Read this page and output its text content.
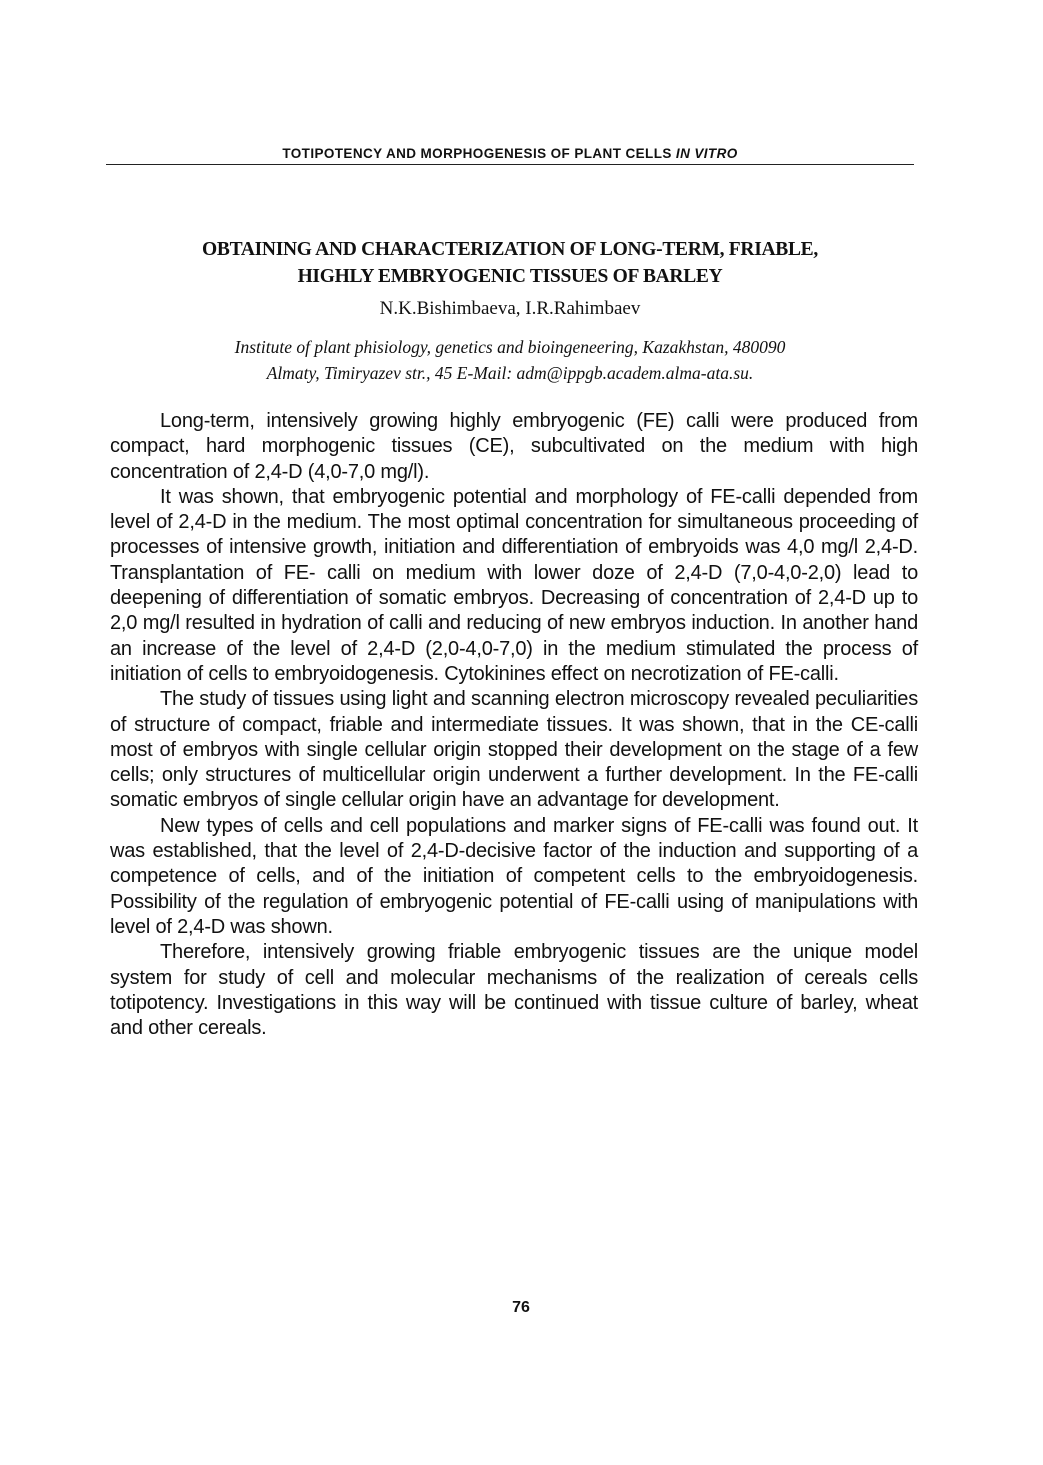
TOTIPOTENCY AND MORPHOGENESIS OF PLANT CELLS IN VITRO
OBTAINING AND CHARACTERIZATION OF LONG-TERM, FRIABLE,
HIGHLY EMBRYOGENIC TISSUES OF BARLEY
N.K.Bishimbaeva, I.R.Rahimbaev
Institute of plant phisiology, genetics and bioingeneering, Kazakhstan, 480090
Almaty, Timiryazev str., 45 E-Mail: adm@ippgb.academ.alma-ata.su.

Long-term, intensively growing highly embryogenic (FE) calli were produced from compact, hard morphogenic tissues (CE), subcultivated on the medium with high concentration of 2,4-D (4,0-7,0 mg/l).

It was shown, that embryogenic potential and morphology of FE-calli depended from level of 2,4-D in the medium. The most optimal concentration for simultaneous proceeding of processes of intensive growth, initiation and differentiation of embryoids was 4,0 mg/l 2,4-D. Transplantation of FE- calli on medium with lower doze of 2,4-D (7,0-4,0-2,0) lead to deepening of differentiation of somatic embryos. Decreasing of concentration of 2,4-D up to 2,0 mg/l resulted in hydration of calli and reducing of new embryos induction. In another hand an increase of the level of 2,4-D (2,0-4,0-7,0) in the medium stimulated the process of initiation of cells to embryoidogenesis. Cytokinines effect on necrotization of FE-calli.

The study of tissues using light and scanning electron microscopy revealed peculiarities of structure of compact, friable and intermediate tissues. It was shown, that in the CE-calli most of embryos with single cellular origin stopped their development on the stage of a few cells; only structures of multicellular origin underwent a further development. In the FE-calli somatic embryos of single cellular origin have an advantage for development.

New types of cells and cell populations and marker signs of FE-calli was found out. It was established, that the level of 2,4-D-decisive factor of the induction and supporting of a competence of cells, and of the initiation of competent cells to the embryoidogenesis. Possibility of the regulation of embryogenic potential of FE-calli using of manipulations with level of 2,4-D was shown.

Therefore, intensively growing friable embryogenic tissues are the unique model system for study of cell and molecular mechanisms of the realization of cereals cells totipotency. Investigations in this way will be continued with tissue culture of barley, wheat and other cereals.

76
